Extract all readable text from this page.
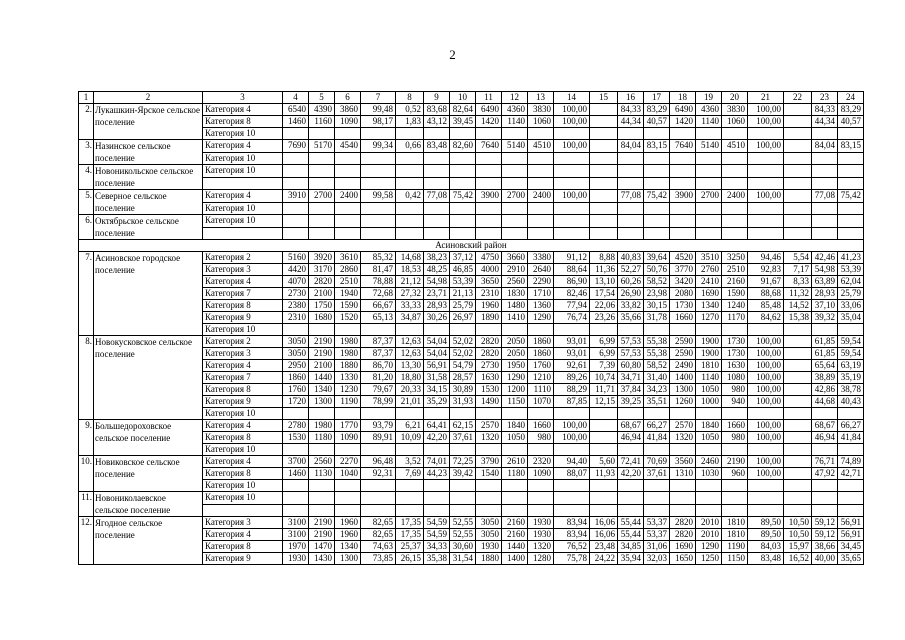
2
1	2	3	4	5	6	7	8	9	10	11	12	13	14	15	16	17	18	19	20	21	22	23	24
2.	Лукашкин-Ярское сельское поселение	Категория 4	6540	4390	3860	99,48	0,52	83,68	82,64	6490	4360	3830	100,00		84,33	83,29	6490	4360	3830	100,00		84,33	83,29
		Категория 8	1460	1160	1090	98,17	1,83	43,12	39,45	1420	1140	1060	100,00		44,34	40,57	1420	1140	1060	100,00		44,34	40,57
		Категория 10																					
3.	Назинское сельское поселение	Категория 4	7690	5170	4540	99,34	0,66	83,48	82,60	7640	5140	4510	100,00		84,04	83,15	7640	5140	4510	100,00		84,04	83,15
		Категория 10																					
4.	Новоникольское сельское поселение	Категория 10																					

5.	Северное сельское поселение	Категория 4	3910	2700	2400	99,58	0,42	77,08	75,42	3900	2700	2400	100,00		77,08	75,42	3900	2700	2400	100,00		77,08	75,42
		Категория 10																					
6.	Октябрьское сельское поселение	Категория 10																					

Асиновский район																							
7.	Асиновское городское поселение	Категория 2	5160	3920	3610	85,32	14,68	38,23	37,12	4750	3660	3380	91,12	8,88	40,83	39,64	4520	3510	3250	94,46	5,54	42,46	41,23
		Категория 3	4420	3170	2860	81,47	18,53	48,25	46,85	4000	2910	2640	88,64	11,36	52,27	50,76	3770	2760	2510	92,83	7,17	54,98	53,39
		Категория 4	4070	2820	2510	78,88	21,12	54,98	53,39	3650	2560	2290	86,90	13,10	60,26	58,52	3420	2410	2160	91,67	8,33	63,89	62,04
		Категория 7	2730	2100	1940	72,68	27,32	23,71	21,13	2310	1830	1710	82,46	17,54	26,90	23,98	2080	1690	1590	88,68	11,32	28,93	25,79
		Категория 8	2380	1750	1590	66,67	33,33	28,93	25,79	1960	1480	1360	77,94	22,06	33,82	30,15	1730	1340	1240	85,48	14,52	37,10	33,06
		Категория 9	2310	1680	1520	65,13	34,87	30,26	26,97	1890	1410	1290	76,74	23,26	35,66	31,78	1660	1270	1170	84,62	15,38	39,32	35,04
		Категория 10																					
8.	Новокусковское сельское поселение	Категория 2	3050	2190	1980	87,37	12,63	54,04	52,02	2820	2050	1860	93,01	6,99	57,53	55,38	2590	1900	1730	100,00		61,85	59,54
		Категория 3	3050	2190	1980	87,37	12,63	54,04	52,02	2820	2050	1860	93,01	6,99	57,53	55,38	2590	1900	1730	100,00		61,85	59,54
		Категория 4	2950	2100	1880	86,70	13,30	56,91	54,79	2730	1950	1760	92,61	7,39	60,80	58,52	2490	1810	1630	100,00		65,64	63,19
		Категория 7	1860	1440	1330	81,20	18,80	31,58	28,57	1630	1290	1210	89,26	10,74	34,71	31,40	1400	1140	1080	100,00		38,89	35,19
		Категория 8	1760	1340	1230	79,67	20,33	34,15	30,89	1530	1200	1110	88,29	11,71	37,84	34,23	1300	1050	980	100,00		42,86	38,78
		Категория 9	1720	1300	1190	78,99	21,01	35,29	31,93	1490	1150	1070	87,85	12,15	39,25	35,51	1260	1000	940	100,00		44,68	40,43
		Категория 10																					
9.	Большедороховское сельское поселение	Категория 4	2780	1980	1770	93,79	6,21	64,41	62,15	2570	1840	1660	100,00		68,67	66,27	2570	1840	1660	100,00		68,67	66,27
		Категория 8	1530	1180	1090	89,91	10,09	42,20	37,61	1320	1050	980	100,00		46,94	41,84	1320	1050	980	100,00		46,94	41,84
		Категория 10																					
10.	Новиковское сельское поселение	Категория 4	3700	2560	2270	96,48	3,52	74,01	72,25	3790	2610	2320	94,40	5,60	72,41	70,69	3560	2460	2190	100,00		76,71	74,89
		Категория 8	1460	1130	1040	92,31	7,69	44,23	39,42	1540	1180	1090	88,07	11,93	42,20	37,61	1310	1030	960	100,00		47,92	42,71
		Категория 10																					
11.	Новониколаевское сельское поселение	Категория 10																					

12.	Ягодное сельское поселение	Категория 3	3100	2190	1960	82,65	17,35	54,59	52,55	3050	2160	1930	83,94	16,06	55,44	53,37	2820	2010	1810	89,50	10,50	59,12	56,91
		Категория 4	3100	2190	1960	82,65	17,35	54,59	52,55	3050	2160	1930	83,94	16,06	55,44	53,37	2820	2010	1810	89,50	10,50	59,12	56,91
		Категория 8	1970	1470	1340	74,63	25,37	34,33	30,60	1930	1440	1320	76,52	23,48	34,85	31,06	1690	1290	1190	84,03	15,97	38,66	34,45
		Категория 9	1930	1430	1300	73,85	26,15	35,38	31,54	1880	1400	1280	75,78	24,22	35,94	32,03	1650	1250	1150	83,48	16,52	40,00	35,65
